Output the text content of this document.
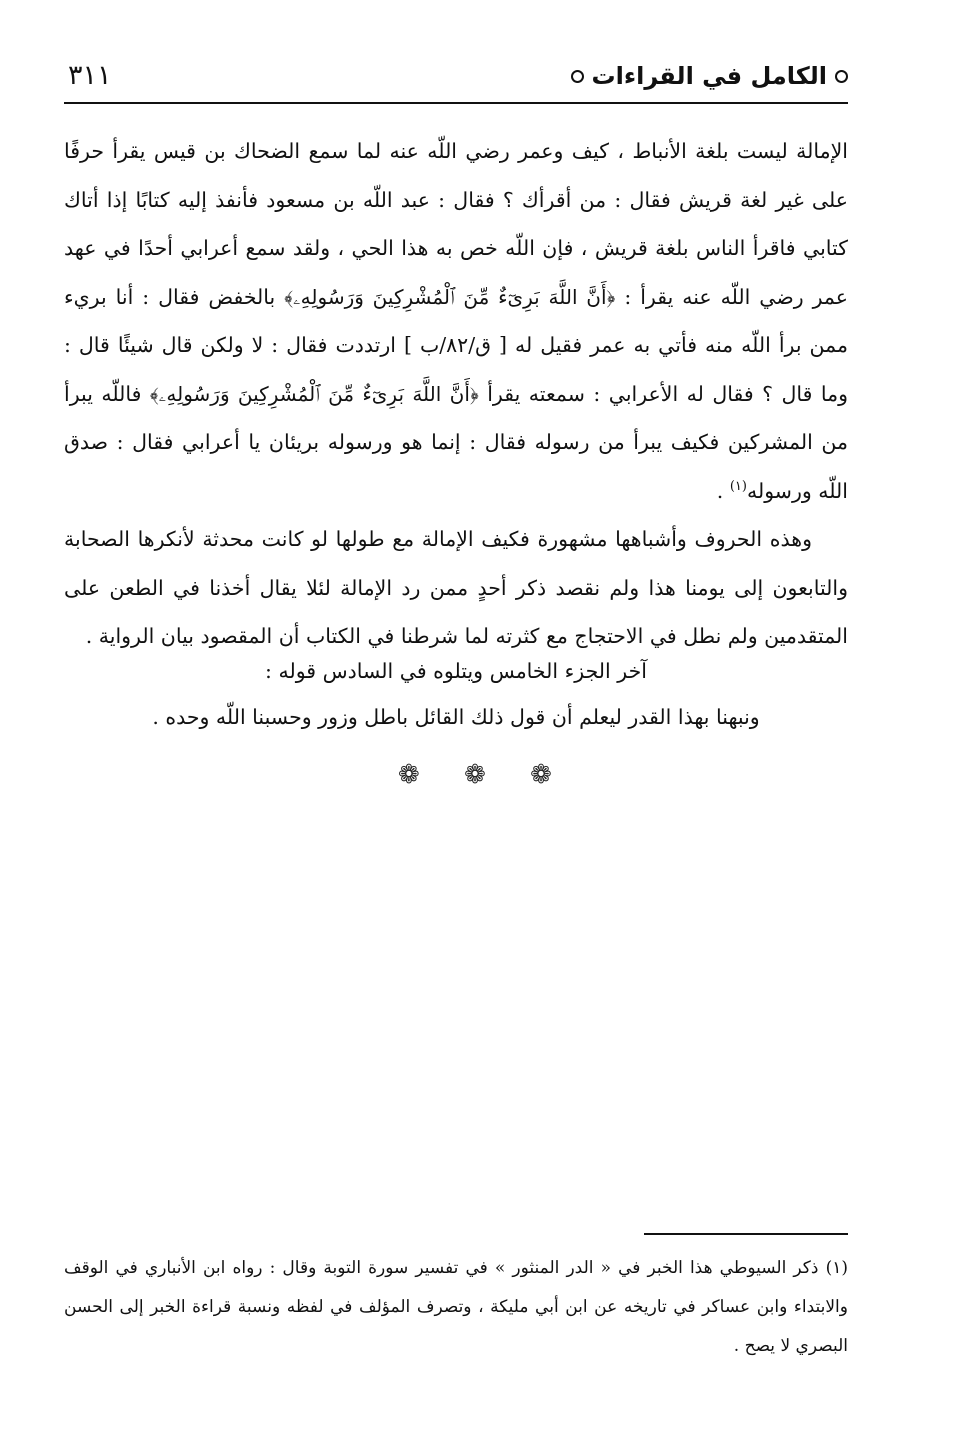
الكامل في القراءات
٣١١

الإمالة ليست بلغة الأنباط ، كيف وعمر رضي اللّه عنه لما سمع الضحاك بن قيس يقرأ حرفًا على غير لغة قريش فقال : من أقرأك ؟ فقال : عبد اللّه بن مسعود فأنفذ إليه كتابًا إذا أتاك كتابي فاقرأ الناس بلغة قريش ، فإن اللّه خص به هذا الحي ، ولقد سمع أعرابي أحدًا في عهد عمر رضي اللّه عنه يقرأ : ﴿أَنَّ اللَّهَ بَرِىٓءٌ مِّنَ ٱلْمُشْرِكِينَ وَرَسُولِهِۦ﴾ بالخفض فقال : أنا بريء ممن برأ اللّه منه فأتي به عمر فقيل له [ ق/٨٢/ب ] ارتددت فقال : لا ولكن قال شيئًا قال : وما قال ؟ فقال له الأعرابي : سمعته يقرأ ﴿أَنَّ اللَّهَ بَرِىٓءٌ مِّنَ ٱلْمُشْرِكِينَ وَرَسُولِهِۦ﴾ فاللّه يبرأ من المشركين فكيف يبرأ من رسوله فقال : إنما هو ورسوله بريئان يا أعرابي فقال : صدق اللّه ورسوله$^{(١)}$ .

وهذه الحروف وأشباهها مشهورة فكيف الإمالة مع طولها لو كانت محدثة لأنكرها الصحابة والتابعون إلى يومنا هذا ولم نقصد ذكر أحدٍ ممن رد الإمالة لئلا يقال أخذنا في الطعن على المتقدمين ولم نطل في الاحتجاج مع كثرته لما شرطنا في الكتاب أن المقصود بيان الرواية .

آخر الجزء الخامس ويتلوه في السادس قوله :

ونبهنا بهذا القدر ليعلم أن قول ذلك القائل باطل وزور وحسبنا اللّه وحده .

❁ ❁ ❁

(١) ذكر السيوطي هذا الخبر في « الدر المنثور » في تفسير سورة التوبة وقال : رواه ابن الأنباري في الوقف والابتداء وابن عساكر في تاريخه عن ابن أبي مليكة ، وتصرف المؤلف في لفظه ونسبة قراءة الخبر إلى الحسن البصري لا يصح .
